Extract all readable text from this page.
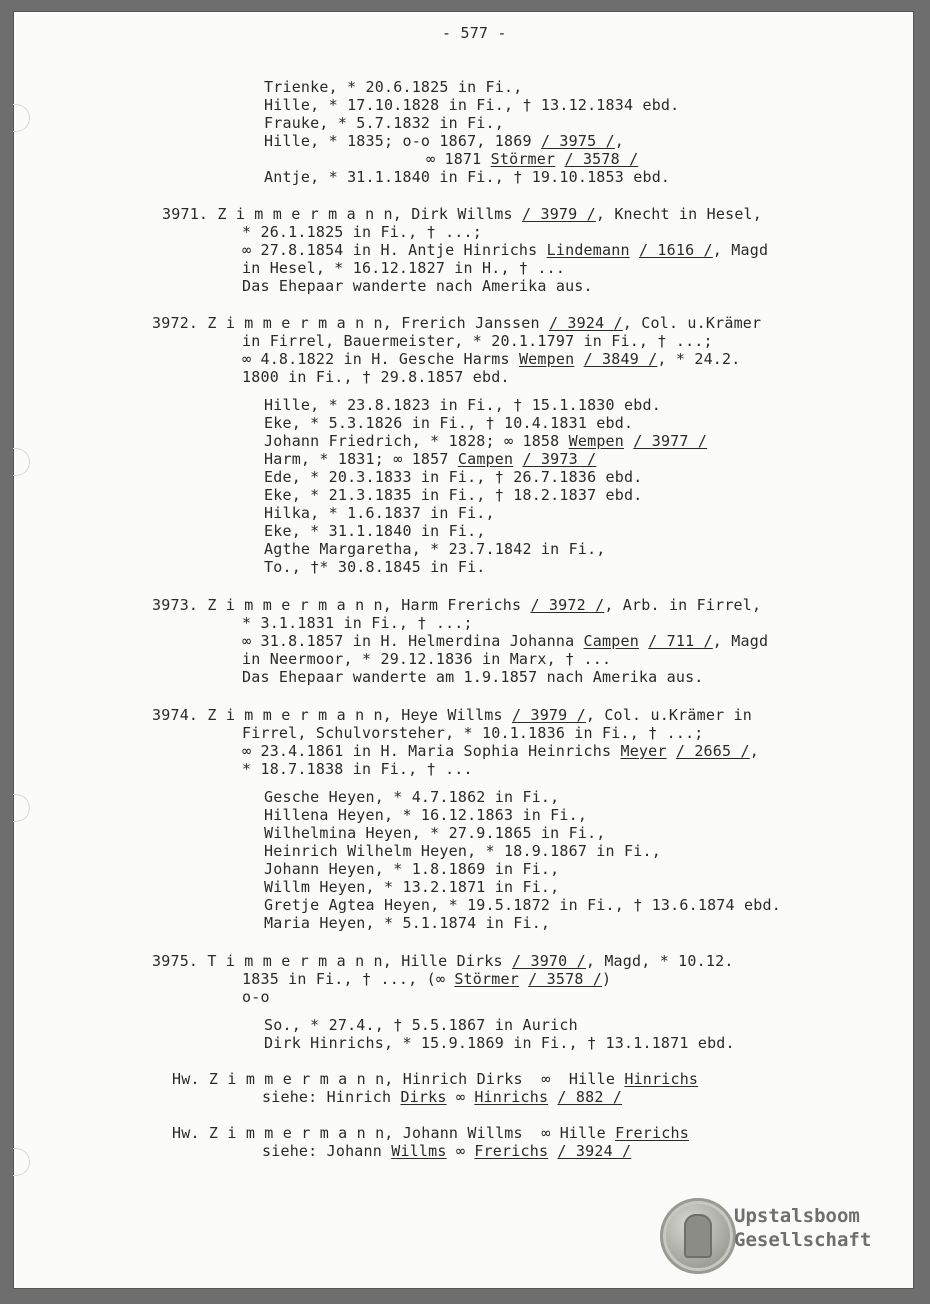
- 577 -

Trienke, * 20.6.1825 in Fi.,

Hille, * 17.10.1828 in Fi., † 13.12.1834 ebd.

Frauke, * 5.7.1832 in Fi.,

Hille, * 1835; o-o 1867, 1869 / 3975 /,

∞ 1871 Störmer / 3578 /

Antje, * 31.1.1840 in Fi., † 19.10.1853 ebd.

3971. Z i m m e r m a n n, Dirk Willms / 3979 /, Knecht in Hesel,

* 26.1.1825 in Fi., † ...;

∞ 27.8.1854 in H. Antje Hinrichs Lindemann / 1616 /, Magd

in Hesel, * 16.12.1827 in H., † ...

Das Ehepaar wanderte nach Amerika aus.

3972. Z i m m e r m a n n, Frerich Janssen / 3924 /, Col. u.Krämer

in Firrel, Bauermeister, * 20.1.1797 in Fi., † ...;

∞ 4.8.1822 in H. Gesche Harms Wempen / 3849 /, * 24.2.

1800 in Fi., † 29.8.1857 ebd.

Hille, * 23.8.1823 in Fi., † 15.1.1830 ebd.

Eke, * 5.3.1826 in Fi., † 10.4.1831 ebd.

Johann Friedrich, * 1828; ∞ 1858 Wempen / 3977 /

Harm, * 1831; ∞ 1857 Campen / 3973 /

Ede, * 20.3.1833 in Fi., † 26.7.1836 ebd.

Eke, * 21.3.1835 in Fi., † 18.2.1837 ebd.

Hilka, * 1.6.1837 in Fi.,

Eke, * 31.1.1840 in Fi.,

Agthe Margaretha, * 23.7.1842 in Fi.,

To., †* 30.8.1845 in Fi.

3973. Z i m m e r m a n n, Harm Frerichs / 3972 /, Arb. in Firrel,

* 3.1.1831 in Fi., † ...;

∞ 31.8.1857 in H. Helmerdina Johanna Campen / 711 /, Magd

in Neermoor, * 29.12.1836 in Marx, † ...

Das Ehepaar wanderte am 1.9.1857 nach Amerika aus.

3974. Z i m m e r m a n n, Heye Willms / 3979 /, Col. u.Krämer in

Firrel, Schulvorsteher, * 10.1.1836 in Fi., † ...;

∞ 23.4.1861 in H. Maria Sophia Heinrichs Meyer / 2665 /,

* 18.7.1838 in Fi., † ...

Gesche Heyen, * 4.7.1862 in Fi.,

Hillena Heyen, * 16.12.1863 in Fi.,

Wilhelmina Heyen, * 27.9.1865 in Fi.,

Heinrich Wilhelm Heyen, * 18.9.1867 in Fi.,

Johann Heyen, * 1.8.1869 in Fi.,

Willm Heyen, * 13.2.1871 in Fi.,

Gretje Agtea Heyen, * 19.5.1872 in Fi., † 13.6.1874 ebd.

Maria Heyen, * 5.1.1874 in Fi.,

3975. T i m m e r m a n n, Hille Dirks / 3970 /, Magd, * 10.12.

1835 in Fi., † ..., (∞ Störmer / 3578 /)

o-o

So., * 27.4., † 5.5.1867 in Aurich

Dirk Hinrichs, * 15.9.1869 in Fi., † 13.1.1871 ebd.

Hw. Z i m m e r m a n n, Hinrich Dirks  ∞  Hille Hinrichs

siehe: Hinrich Dirks ∞ Hinrichs / 882 /

Hw. Z i m m e r m a n n, Johann Willms  ∞ Hille Frerichs

siehe: Johann Willms ∞ Frerichs / 3924 /

Upstalsboom
Gesellschaft
